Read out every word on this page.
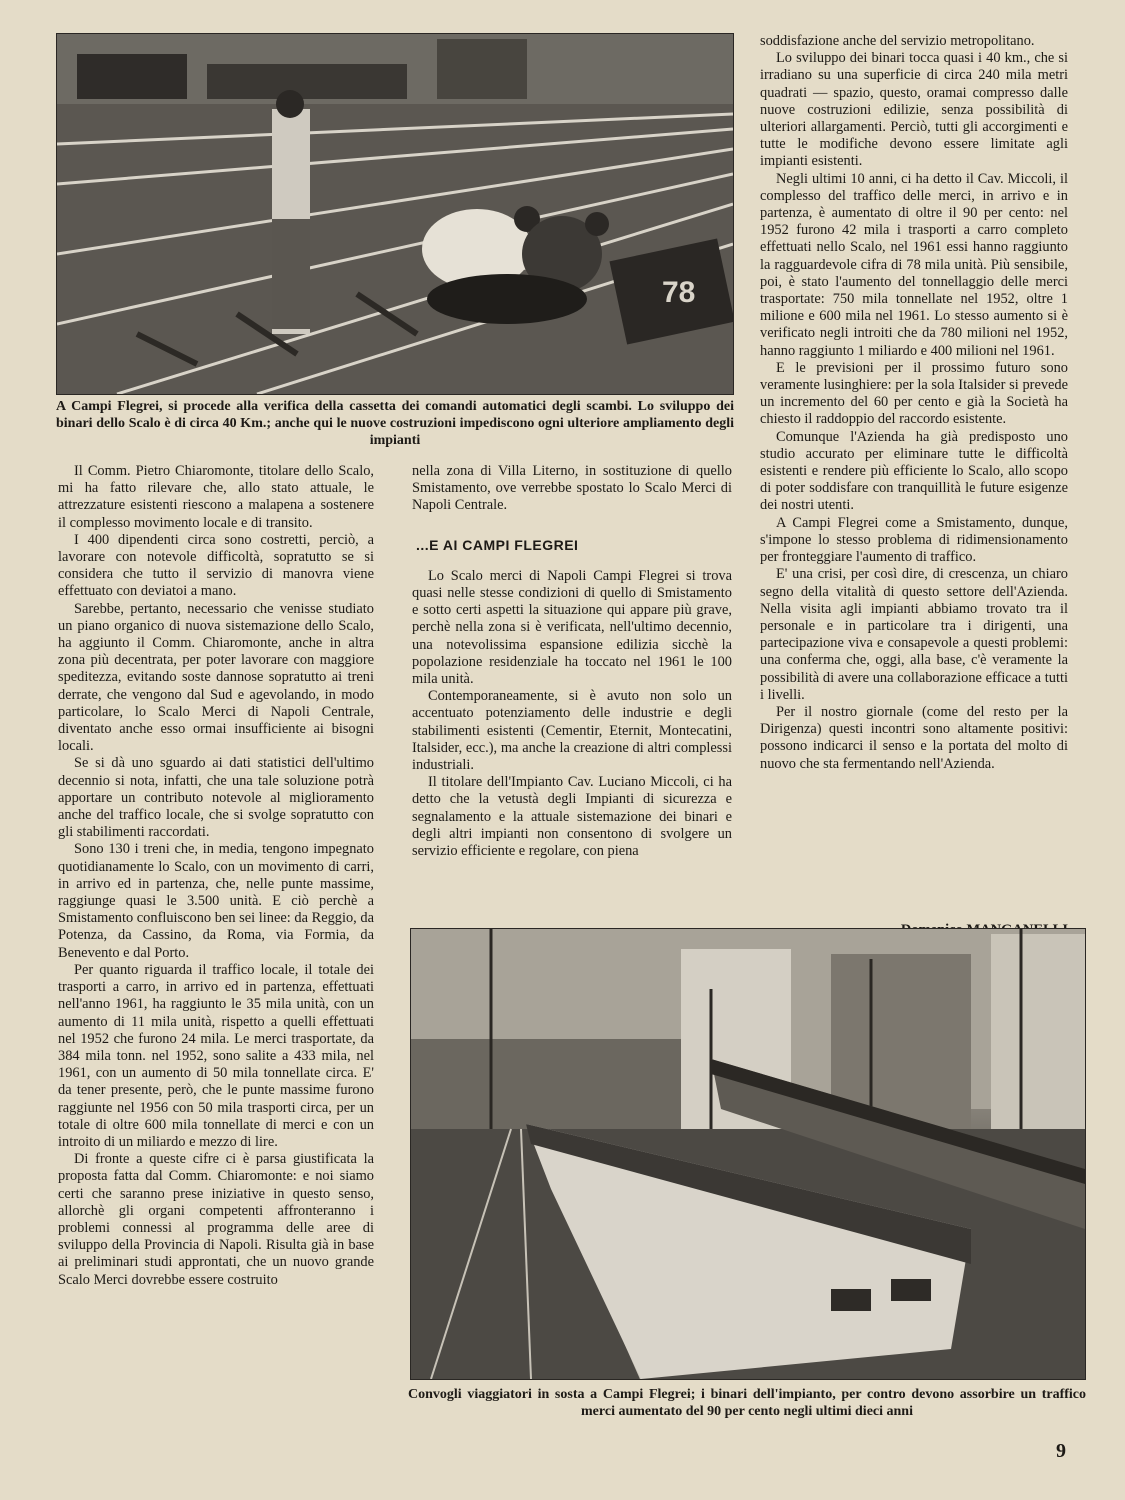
78
A Campi Flegrei, si procede alla verifica della cassetta dei comandi automatici degli scambi. Lo sviluppo dei binari dello Scalo è di circa 40 Km.; anche qui le nuove costruzioni impediscono ogni ulteriore ampliamento degli impianti

Il Comm. Pietro Chiaromonte, titolare dello Scalo, mi ha fatto rilevare che, allo stato attuale, le attrezzature esistenti riescono a malapena a sostenere il complesso movimento locale e di transito.

I 400 dipendenti circa sono costretti, perciò, a lavorare con notevole difficoltà, sopratutto se si considera che tutto il servizio di manovra viene effettuato con deviatoi a mano.

Sarebbe, pertanto, necessario che venisse studiato un piano organico di nuova sistemazione dello Scalo, ha aggiunto il Comm. Chiaromonte, anche in altra zona più decentrata, per poter lavorare con maggiore speditezza, evitando soste dannose sopratutto ai treni derrate, che vengono dal Sud e agevolando, in modo particolare, lo Scalo Merci di Napoli Centrale, diventato anche esso ormai insufficiente ai bisogni locali.

Se si dà uno sguardo ai dati statistici dell'ultimo decennio si nota, infatti, che una tale soluzione potrà apportare un contributo notevole al miglioramento anche del traffico locale, che si svolge sopratutto con gli stabilimenti raccordati.

Sono 130 i treni che, in media, tengono impegnato quotidianamente lo Scalo, con un movimento di carri, in arrivo ed in partenza, che, nelle punte massime, raggiunge quasi le 3.500 unità. E ciò perchè a Smistamento confluiscono ben sei linee: da Reggio, da Potenza, da Cassino, da Roma, via Formia, da Benevento e dal Porto.

Per quanto riguarda il traffico locale, il totale dei trasporti a carro, in arrivo ed in partenza, effettuati nell'anno 1961, ha raggiunto le 35 mila unità, con un aumento di 11 mila unità, rispetto a quelli effettuati nel 1952 che furono 24 mila. Le merci trasportate, da 384 mila tonn. nel 1952, sono salite a 433 mila, nel 1961, con un aumento di 50 mila tonnellate circa. E' da tener presente, però, che le punte massime furono raggiunte nel 1956 con 50 mila trasporti circa, per un totale di oltre 600 mila tonnellate di merci e con un introito di un miliardo e mezzo di lire.

Di fronte a queste cifre ci è parsa giustificata la proposta fatta dal Comm. Chiaromonte: e noi siamo certi che saranno prese iniziative in questo senso, allorchè gli organi competenti affronteranno i problemi connessi al programma delle aree di sviluppo della Provincia di Napoli. Risulta già in base ai preliminari studi approntati, che un nuovo grande Scalo Merci dovrebbe essere costruito

nella zona di Villa Literno, in sostituzione di quello Smistamento, ove verrebbe spostato lo Scalo Merci di Napoli Centrale.

...E AI CAMPI FLEGREI

Lo Scalo merci di Napoli Campi Flegrei si trova quasi nelle stesse condizioni di quello di Smistamento e sotto certi aspetti la situazione qui appare più grave, perchè nella zona si è verificata, nell'ultimo decennio, una notevolissima espansione edilizia sicchè la popolazione residenziale ha toccato nel 1961 le 100 mila unità.

Contemporaneamente, si è avuto non solo un accentuato potenziamento delle industrie e degli stabilimenti esistenti (Cementir, Eternit, Montecatini, Italsider, ecc.), ma anche la creazione di altri complessi industriali.

Il titolare dell'Impianto Cav. Luciano Miccoli, ci ha detto che la vetustà degli Impianti di sicurezza e segnalamento e la attuale sistemazione dei binari e degli altri impianti non consentono di svolgere un servizio efficiente e regolare, con piena

soddisfazione anche del servizio metropolitano.

Lo sviluppo dei binari tocca quasi i 40 km., che si irradiano su una superficie di circa 240 mila metri quadrati — spazio, questo, oramai compresso dalle nuove costruzioni edilizie, senza possibilità di ulteriori allargamenti. Perciò, tutti gli accorgimenti e tutte le modifiche devono essere limitate agli impianti esistenti.

Negli ultimi 10 anni, ci ha detto il Cav. Miccoli, il complesso del traffico delle merci, in arrivo e in partenza, è aumentato di oltre il 90 per cento: nel 1952 furono 42 mila i trasporti a carro completo effettuati nello Scalo, nel 1961 essi hanno raggiunto la ragguardevole cifra di 78 mila unità. Più sensibile, poi, è stato l'aumento del tonnellaggio delle merci trasportate: 750 mila tonnellate nel 1952, oltre 1 milione e 600 mila nel 1961. Lo stesso aumento si è verificato negli introiti che da 780 milioni nel 1952, hanno raggiunto 1 miliardo e 400 milioni nel 1961.

E le previsioni per il prossimo futuro sono veramente lusinghiere: per la sola Italsider si prevede un incremento del 60 per cento e già la Società ha chiesto il raddoppio del raccordo esistente.

Comunque l'Azienda ha già predisposto uno studio accurato per eliminare tutte le difficoltà esistenti e rendere più efficiente lo Scalo, allo scopo di poter soddisfare con tranquillità le future esigenze dei nostri utenti.

A Campi Flegrei come a Smistamento, dunque, s'impone lo stesso problema di ridimensionamento per fronteggiare l'aumento di traffico.

E' una crisi, per così dire, di crescenza, un chiaro segno della vitalità di questo settore dell'Azienda. Nella visita agli impianti abbiamo trovato tra il personale e in particolare tra i dirigenti, una partecipazione viva e consapevole a questi problemi: una conferma che, oggi, alla base, c'è veramente la possibilità di avere una collaborazione efficace a tutti i livelli.

Per il nostro giornale (come del resto per la Dirigenza) questi incontri sono altamente positivi: possono indicarci il senso e la portata del molto di nuovo che sta fermentando nell'Azienda.

Convogli viaggiatori in sosta a Campi Flegrei; i binari dell'impianto, per contro devono assorbire un traffico merci aumentato del 90 per cento negli ultimi dieci anni
9
